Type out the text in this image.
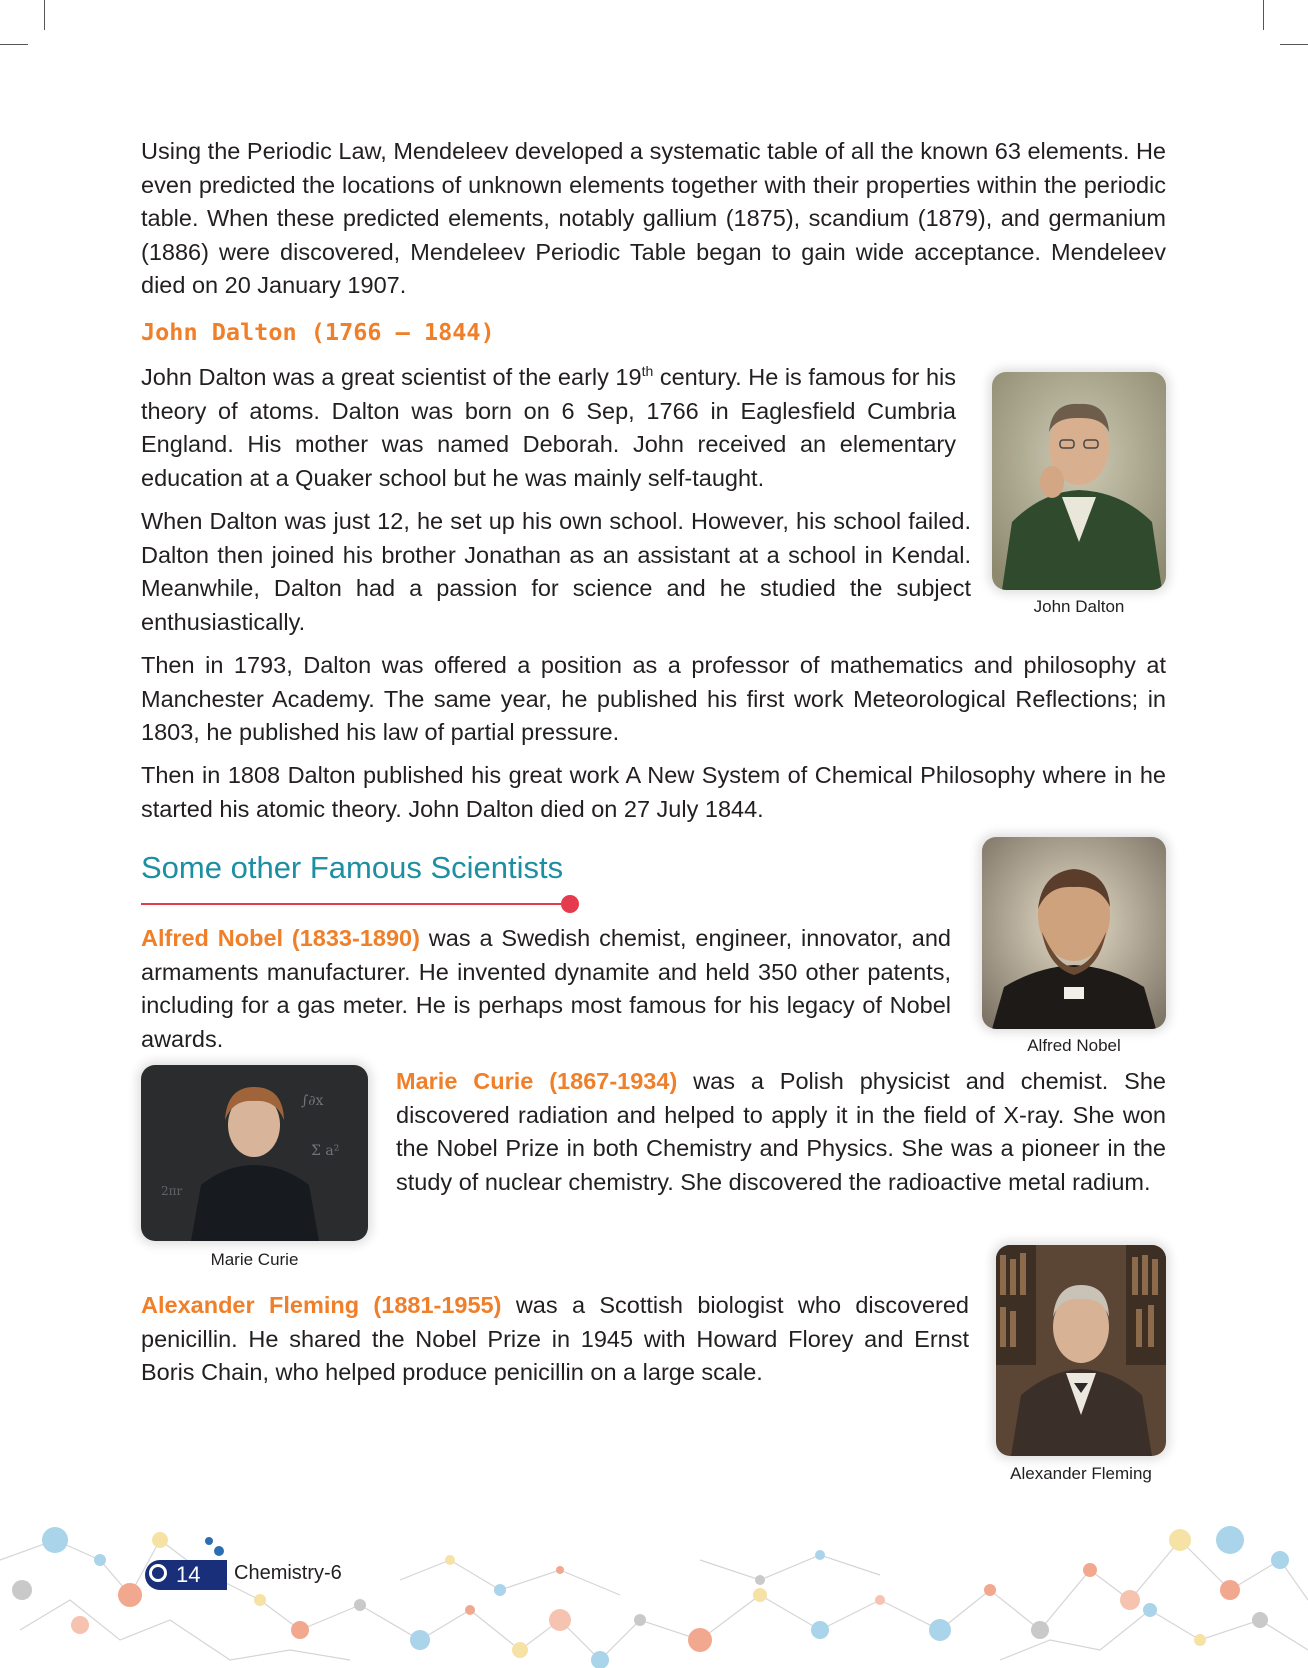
Using the Periodic Law, Mendeleev developed a systematic table of all the known 63 elements. He even predicted the locations of unknown elements together with their properties within the periodic table. When these predicted elements, notably gallium (1875), scandium (1879), and germanium (1886) were discovered, Mendeleev Periodic Table began to gain wide acceptance. Mendeleev died on 20 January 1907.

John Dalton (1766 – 1844)

John Dalton was a great scientist of the early 19th century. He is famous for his theory of atoms. Dalton was born on 6 Sep, 1766 in Eaglesfield Cumbria England. His mother was named Deborah. John received an elementary education at a Quaker school but he was mainly self-taught.

When Dalton was just 12, he set up his own school. However, his school failed. Dalton then joined his brother Jonathan as an assistant at a school in Kendal. Meanwhile, Dalton had a passion for science and he studied the subject enthusiastically.

John Dalton

Then in 1793, Dalton was offered a position as a professor of mathematics and philosophy at Manchester Academy. The same year, he published his first work Meteorological Reflections; in 1803, he published his law of partial pressure.

Then in 1808 Dalton published his great work A New System of Chemical Philosophy where in he started his atomic theory. John Dalton died on 27 July 1844.

Some other Famous Scientists

Alfred Nobel

Alfred Nobel (1833-1890) was a Swedish chemist, engineer, innovator, and armaments manufacturer. He invented dynamite and held 350 other patents, including for a gas meter. He is perhaps most famous for his legacy of Nobel awards.

∫∂x
Σ a²
2πr

Marie Curie

Marie Curie (1867-1934) was a Polish physicist and chemist. She discovered radiation and helped to apply it in the field of X-ray. She won the Nobel Prize in both Chemistry and Physics. She was a pioneer in the study of nuclear chemistry. She discovered the radioactive metal radium.

Alexander Fleming

Alexander Fleming (1881-1955) was a Scottish biologist who discovered penicillin. He shared the Nobel Prize in 1945 with Howard Florey and Ernst Boris Chain, who helped produce penicillin on a large scale.

14	Chemistry-6
